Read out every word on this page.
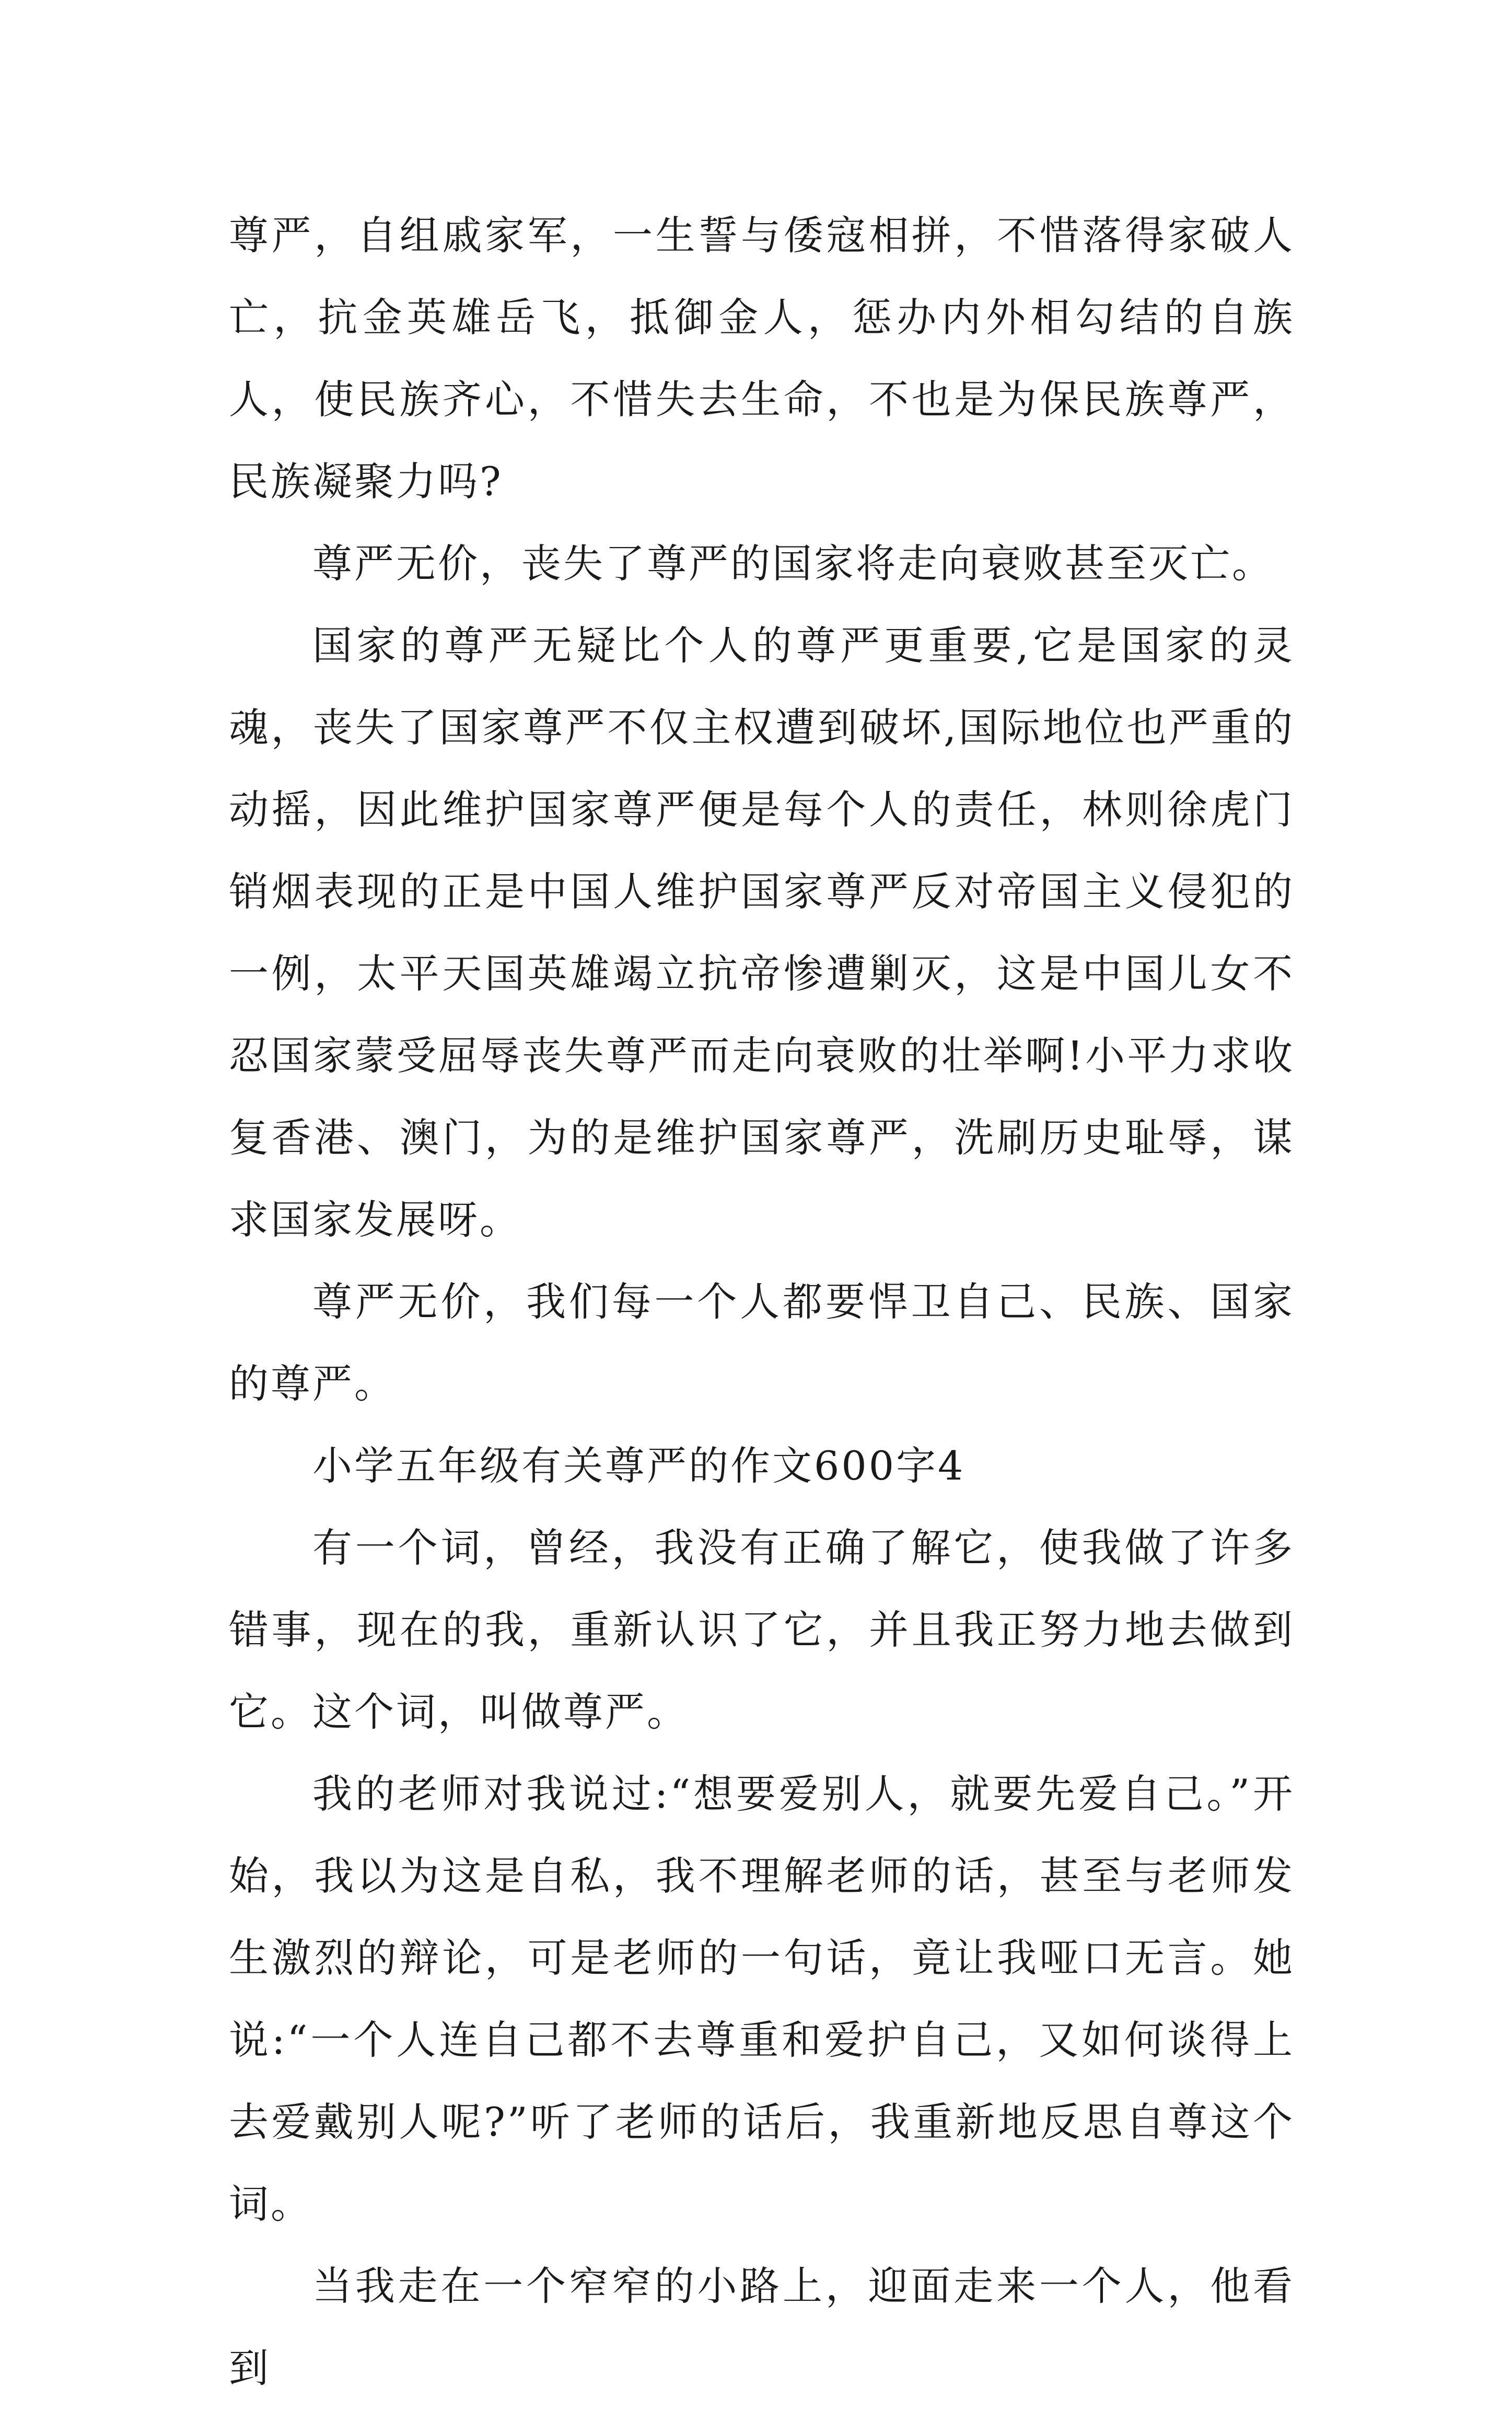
尊严，自组戚家军，一生誓与倭寇相拼，不惜落得家破人亡，抗金英雄岳飞，抵御金人，惩办内外相勾结的自族人，使民族齐心，不惜失去生命，不也是为保民族尊严，民族凝聚力吗?

尊严无价，丧失了尊严的国家将走向衰败甚至灭亡。

国家的尊严无疑比个人的尊严更重要,它是国家的灵魂，丧失了国家尊严不仅主权遭到破坏,国际地位也严重的动摇，因此维护国家尊严便是每个人的责任，林则徐虎门销烟表现的正是中国人维护国家尊严反对帝国主义侵犯的一例，太平天国英雄竭立抗帝惨遭剿灭，这是中国儿女不忍国家蒙受屈辱丧失尊严而走向衰败的壮举啊!小平力求收复香港、澳门，为的是维护国家尊严，洗刷历史耻辱，谋求国家发展呀。

尊严无价，我们每一个人都要悍卫自己、民族、国家的尊严。

小学五年级有关尊严的作文600字4

有一个词，曾经，我没有正确了解它，使我做了许多错事，现在的我，重新认识了它，并且我正努力地去做到它。这个词，叫做尊严。

我的老师对我说过:“想要爱别人，就要先爱自己。”开始，我以为这是自私，我不理解老师的话，甚至与老师发生激烈的辩论，可是老师的一句话，竟让我哑口无言。她说:“一个人连自己都不去尊重和爱护自己，又如何谈得上去爱戴别人呢?”听了老师的话后，我重新地反思自尊这个词。

当我走在一个窄窄的小路上，迎面走来一个人，他看到
